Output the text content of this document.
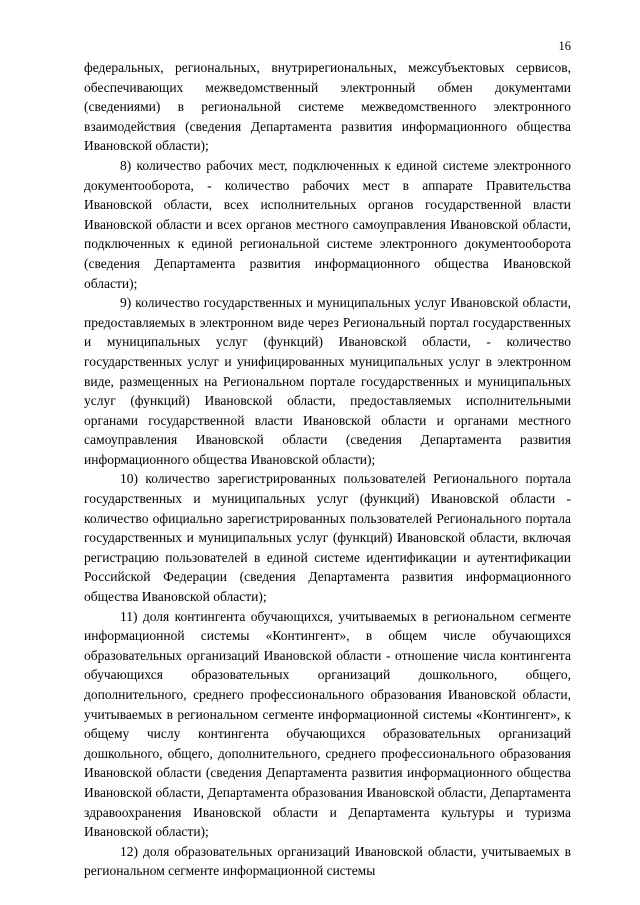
16

федеральных, региональных, внутрирегиональных, межсубъектовых сервисов, обеспечивающих межведомственный электронный обмен документами (сведениями) в региональной системе межведомственного электронного взаимодействия (сведения Департамента развития информационного общества Ивановской области);

8) количество рабочих мест, подключенных к единой системе электронного документооборота, - количество рабочих мест в аппарате Правительства Ивановской области, всех исполнительных органов государственной власти Ивановской области и всех органов местного самоуправления Ивановской области, подключенных к единой региональной системе электронного документооборота (сведения Департамента развития информационного общества Ивановской области);

9) количество государственных и муниципальных услуг Ивановской области, предоставляемых в электронном виде через Региональный портал государственных и муниципальных услуг (функций) Ивановской области, - количество государственных услуг и унифицированных муниципальных услуг в электронном виде, размещенных на Региональном портале государственных и муниципальных услуг (функций) Ивановской области, предоставляемых исполнительными органами государственной власти Ивановской области и органами местного самоуправления Ивановской области (сведения Департамента развития информационного общества Ивановской области);

10) количество зарегистрированных пользователей Регионального портала государственных и муниципальных услуг (функций) Ивановской области - количество официально зарегистрированных пользователей Регионального портала государственных и муниципальных услуг (функций) Ивановской области, включая регистрацию пользователей в единой системе идентификации и аутентификации Российской Федерации (сведения Департамента развития информационного общества Ивановской области);

11) доля контингента обучающихся, учитываемых в региональном сегменте информационной системы «Контингент», в общем числе обучающихся образовательных организаций Ивановской области - отношение числа контингента обучающихся образовательных организаций дошкольного, общего, дополнительного, среднего профессионального образования Ивановской области, учитываемых в региональном сегменте информационной системы «Контингент», к общему числу контингента обучающихся образовательных организаций дошкольного, общего, дополнительного, среднего профессионального образования Ивановской области (сведения Департамента развития информационного общества Ивановской области, Департамента образования Ивановской области, Департамента здравоохранения Ивановской области и Департамента культуры и туризма Ивановской области);

12) доля образовательных организаций Ивановской области, учитываемых в региональном сегменте информационной системы
